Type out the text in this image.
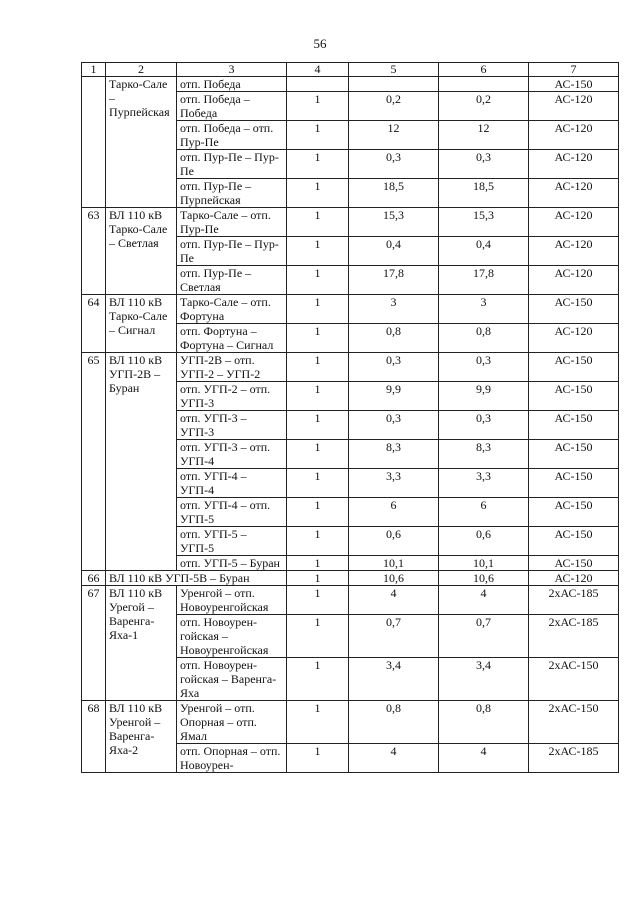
56
1	2	3	4	5	6	7
	Тарко-Сале – Пурпейская	отп. Победа				АС-150
		отп. Победа – Победа	1	0,2	0,2	АС-120
		отп. Победа – отп. Пур-Пе	1	12	12	АС-120
		отп. Пур-Пе – Пур-Пе	1	0,3	0,3	АС-120
		отп. Пур-Пе – Пурпейская	1	18,5	18,5	АС-120
63	ВЛ 110 кВ Тарко-Сале – Светлая	Тарко-Сале – отп. Пур-Пе	1	15,3	15,3	АС-120
		отп. Пур-Пе – Пур-Пе	1	0,4	0,4	АС-120
		отп. Пур-Пе – Светлая	1	17,8	17,8	АС-120
64	ВЛ 110 кВ Тарко-Сале – Сигнал	Тарко-Сале – отп. Фортуна	1	3	3	АС-150
		отп. Фортуна – Фортуна – Сигнал	1	0,8	0,8	АС-120
65	ВЛ 110 кВ УГП-2В – Буран	УГП-2В – отп. УГП-2 – УГП-2	1	0,3	0,3	АС-150
		отп. УГП-2 – отп. УГП-3	1	9,9	9,9	АС-150
		отп. УГП-3 – УГП-3	1	0,3	0,3	АС-150
		отп. УГП-3 – отп. УГП-4	1	8,3	8,3	АС-150
		отп. УГП-4 – УГП-4	1	3,3	3,3	АС-150
		отп. УГП-4 – отп. УГП-5	1	6	6	АС-150
		отп. УГП-5 – УГП-5	1	0,6	0,6	АС-150
		отп. УГП-5 – Буран	1	10,1	10,1	АС-150
66	ВЛ 110 кВ УГП-5В – Буран		1	10,6	10,6	АС-120
67	ВЛ 110 кВ Урегой – Варенга-Яха-1	Уренгой – отп. Новоуренгойская	1	4	4	2хАС-185
		отп. Новоурен-гойская – Новоуренгойская	1	0,7	0,7	2хАС-185
		отп. Новоурен-гойская – Варенга-Яха	1	3,4	3,4	2хАС-150
68	ВЛ 110 кВ Уренгой – Варенга-Яха-2	Уренгой – отп. Опорная – отп. Ямал	1	0,8	0,8	2хАС-150
		отп. Опорная – отп. Новоурен-	1	4	4	2хАС-185
